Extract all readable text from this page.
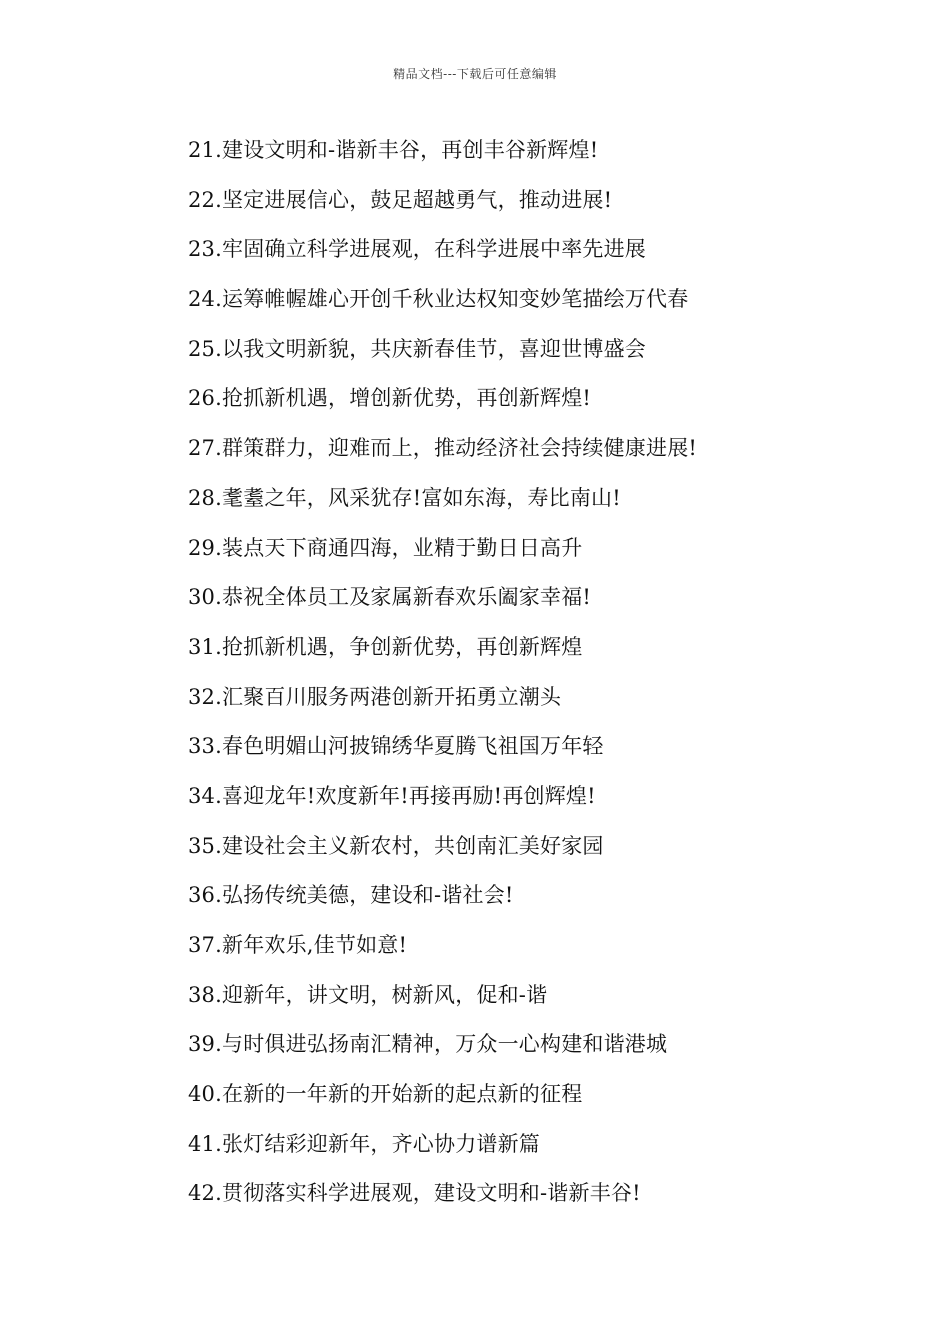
精品文档---下载后可任意编辑
21.建设文明和-谐新丰谷，再创丰谷新辉煌!
22.坚定进展信心，鼓足超越勇气，推动进展!
23.牢固确立科学进展观，在科学进展中率先进展
24.运筹帷幄雄心开创千秋业达权知变妙笔描绘万代春
25.以我文明新貌，共庆新春佳节，喜迎世博盛会
26.抢抓新机遇，增创新优势，再创新辉煌!
27.群策群力，迎难而上，推动经济社会持续健康进展!
28.耄耋之年，风采犹存!富如东海，寿比南山!
29.装点天下商通四海，业精于勤日日高升
30.恭祝全体员工及家属新春欢乐阖家幸福!
31.抢抓新机遇，争创新优势，再创新辉煌
32.汇聚百川服务两港创新开拓勇立潮头
33.春色明媚山河披锦绣华夏腾飞祖国万年轻
34.喜迎龙年!欢度新年!再接再励!再创辉煌!
35.建设社会主义新农村，共创南汇美好家园
36.弘扬传统美德，建设和-谐社会!
37.新年欢乐,佳节如意!
38.迎新年，讲文明，树新风，促和-谐
39.与时俱进弘扬南汇精神，万众一心构建和谐港城
40.在新的一年新的开始新的起点新的征程
41.张灯结彩迎新年，齐心协力谱新篇
42.贯彻落实科学进展观，建设文明和-谐新丰谷!
